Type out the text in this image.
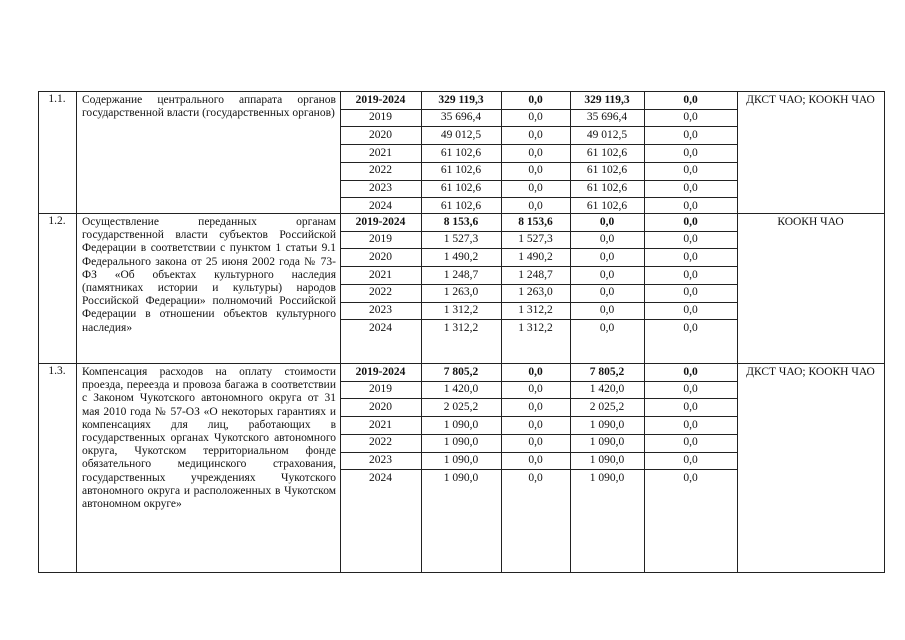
1.1.	Содержание центрального аппарата органов государственной власти (государственных органов)
ДКСТ ЧАО; КООКН ЧАО
2019-2024	329 119,3	0,0	329 119,3	0,0
2019	35 696,4	0,0	35 696,4	0,0
2020	49 012,5	0,0	49 012,5	0,0
2021	61 102,6	0,0	61 102,6	0,0
2022	61 102,6	0,0	61 102,6	0,0
2023	61 102,6	0,0	61 102,6	0,0
2024	61 102,6	0,0	61 102,6	0,0
1.2.	Осуществление переданных органам государственной власти субъектов Российской Федерации в соответствии с пунктом 1 статьи 9.1 Федерального закона от 25 июня 2002 года № 73-ФЗ «Об объектах культурного наследия (памятниках истории и культуры) народов Российской Федерации» полномочий Российской Федерации в отношении объектов культурного наследия»
КООКН ЧАО
2019-2024	8 153,6	8 153,6	0,0	0,0
2019	1 527,3	1 527,3	0,0	0,0
2020	1 490,2	1 490,2	0,0	0,0
2021	1 248,7	1 248,7	0,0	0,0
2022	1 263,0	1 263,0	0,0	0,0
2023	1 312,2	1 312,2	0,0	0,0
2024	1 312,2	1 312,2	0,0	0,0
1.3.	Компенсация расходов на оплату стоимости проезда, переезда и провоза багажа в соответствии с Законом Чукотского автономного округа от 31 мая 2010 года № 57-ОЗ «О некоторых гарантиях и компенсациях для лиц, работающих в государственных органах Чукотского автономного округа, Чукотском территориальном фонде обязательного медицинского страхования, государственных учреждениях Чукотского автономного округа и расположенных в Чукотском автономном округе»
ДКСТ ЧАО; КООКН ЧАО
2019-2024	7 805,2	0,0	7 805,2	0,0
2019	1 420,0	0,0	1 420,0	0,0
2020	2 025,2	0,0	2 025,2	0,0
2021	1 090,0	0,0	1 090,0	0,0
2022	1 090,0	0,0	1 090,0	0,0
2023	1 090,0	0,0	1 090,0	0,0
2024	1 090,0	0,0	1 090,0	0,0
